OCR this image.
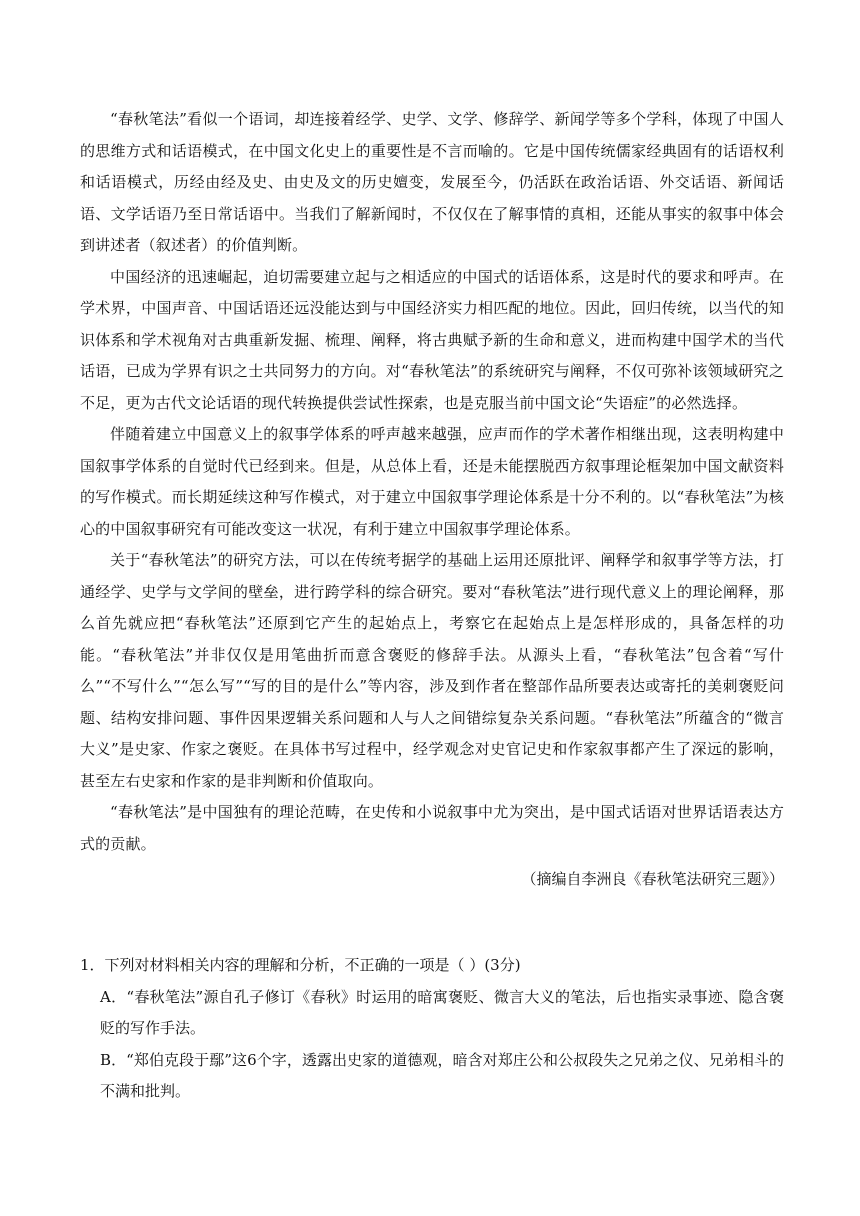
“春秋笔法”看似一个语词，却连接着经学、史学、文学、修辞学、新闻学等多个学科，体现了中国人的思维方式和话语模式，在中国文化史上的重要性是不言而喻的。它是中国传统儒家经典固有的话语权利和话语模式，历经由经及史、由史及文的历史嬗变，发展至今，仍活跃在政治话语、外交话语、新闻话语、文学话语乃至日常话语中。当我们了解新闻时，不仅仅在了解事情的真相，还能从事实的叙事中体会到讲述者（叙述者）的价值判断。

中国经济的迅速崛起，迫切需要建立起与之相适应的中国式的话语体系，这是时代的要求和呼声。在学术界，中国声音、中国话语还远没能达到与中国经济实力相匹配的地位。因此，回归传统，以当代的知识体系和学术视角对古典重新发掘、梳理、阐释，将古典赋予新的生命和意义，进而构建中国学术的当代话语，已成为学界有识之士共同努力的方向。对“春秋笔法”的系统研究与阐释，不仅可弥补该领域研究之不足，更为古代文论话语的现代转换提供尝试性探索，也是克服当前中国文论“失语症”的必然选择。

伴随着建立中国意义上的叙事学体系的呼声越来越强，应声而作的学术著作相继出现，这表明构建中国叙事学体系的自觉时代已经到来。但是，从总体上看，还是未能摆脱西方叙事理论框架加中国文献资料的写作模式。而长期延续这种写作模式，对于建立中国叙事学理论体系是十分不利的。以“春秋笔法”为核心的中国叙事研究有可能改变这一状况，有利于建立中国叙事学理论体系。

关于“春秋笔法”的研究方法，可以在传统考据学的基础上运用还原批评、阐释学和叙事学等方法，打通经学、史学与文学间的壁垒，进行跨学科的综合研究。要对“春秋笔法”进行现代意义上的理论阐释，那么首先就应把“春秋笔法”还原到它产生的起始点上，考察它在起始点上是怎样形成的，具备怎样的功能。“春秋笔法”并非仅仅是用笔曲折而意含褒贬的修辞手法。从源头上看，“春秋笔法”包含着“写什么”“不写什么”“怎么写”“写的目的是什么”等内容，涉及到作者在整部作品所要表达或寄托的美刺褒贬问题、结构安排问题、事件因果逻辑关系问题和人与人之间错综复杂关系问题。“春秋笔法”所蕴含的“微言大义”是史家、作家之褒贬。在具体书写过程中，经学观念对史官记史和作家叙事都产生了深远的影响，甚至左右史家和作家的是非判断和价值取向。

“春秋笔法”是中国独有的理论范畴，在史传和小说叙事中尤为突出，是中国式话语对世界话语表达方式的贡献。

（摘编自李洲良《春秋笔法研究三题》）

1．下列对材料相关内容的理解和分析，不正确的一项是（ ）(3分)

A．“春秋笔法”源自孔子修订《春秋》时运用的暗寓褒贬、微言大义的笔法，后也指实录事迹、隐含褒贬的写作手法。

B．“郑伯克段于鄢”这6个字，透露出史家的道德观，暗含对郑庄公和公叔段失之兄弟之仪、兄弟相斗的不满和批判。
